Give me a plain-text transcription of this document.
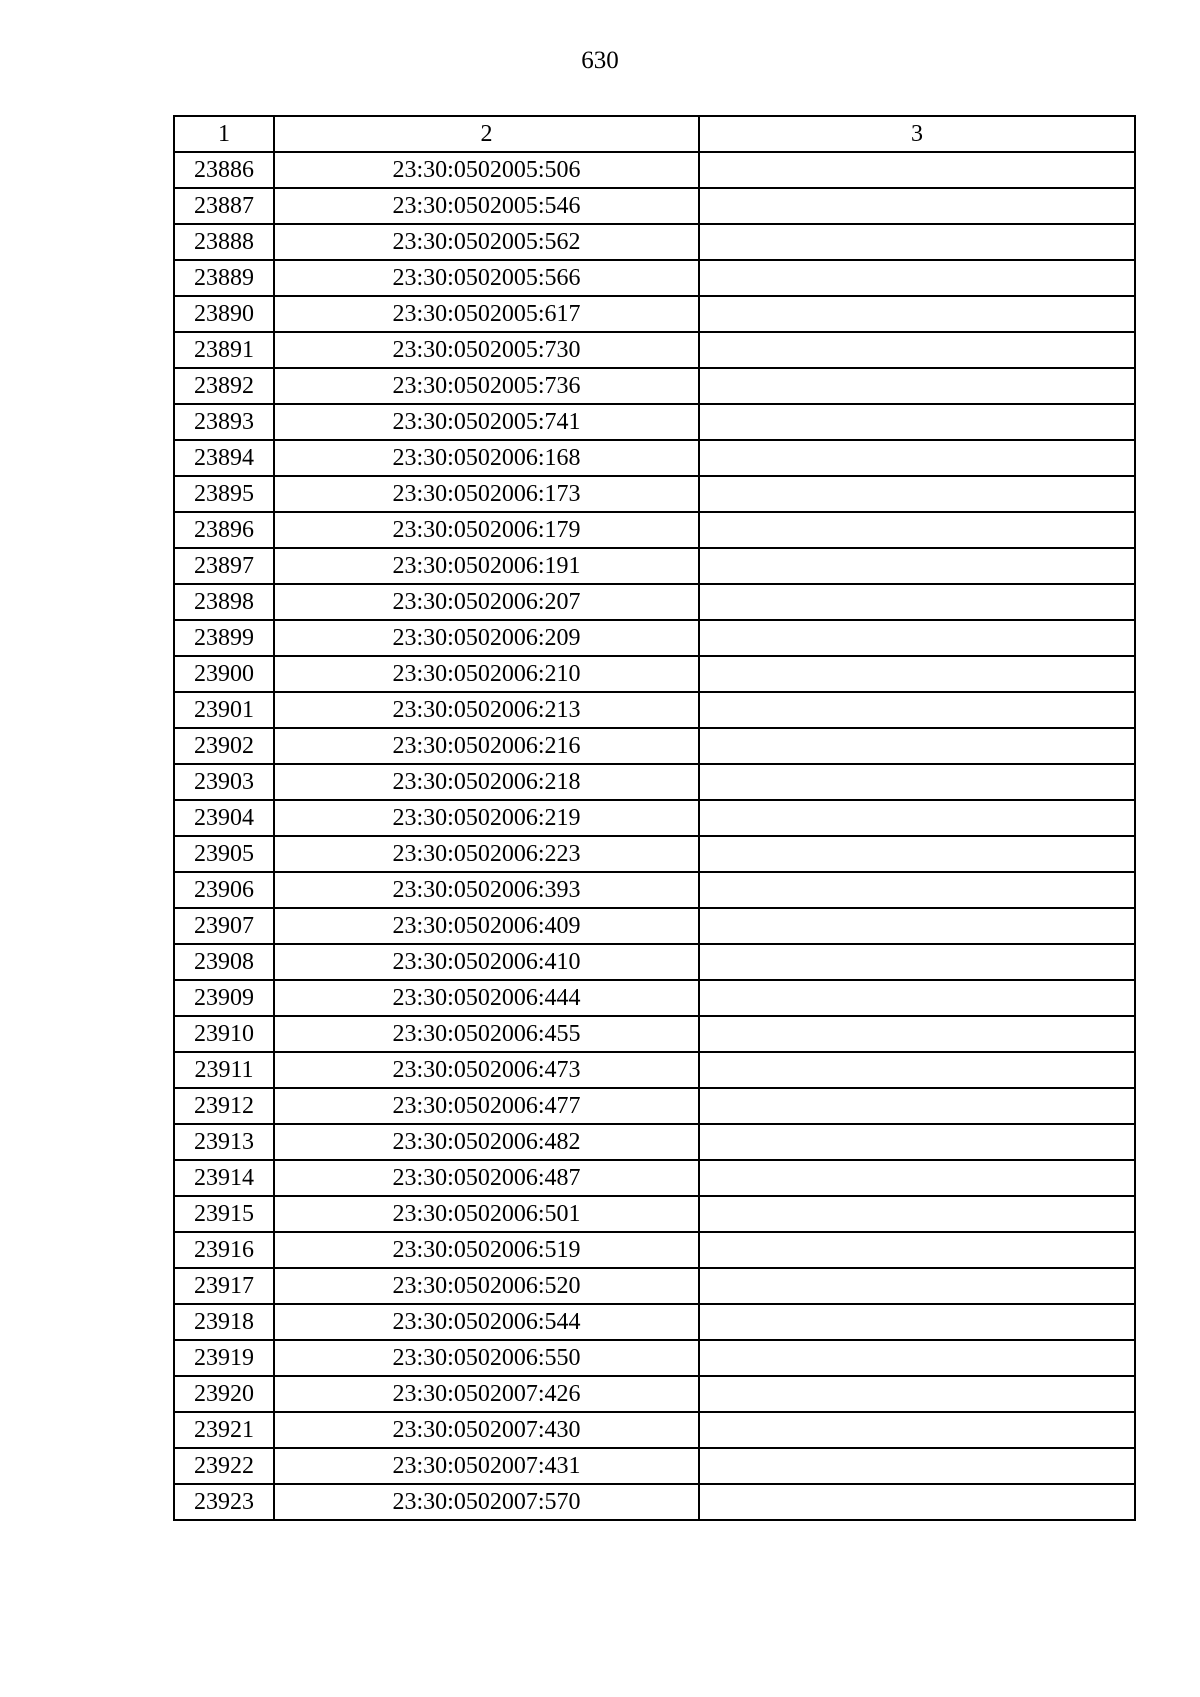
630
1	2	3
23886	23:30:0502005:506	
23887	23:30:0502005:546	
23888	23:30:0502005:562	
23889	23:30:0502005:566	
23890	23:30:0502005:617	
23891	23:30:0502005:730	
23892	23:30:0502005:736	
23893	23:30:0502005:741	
23894	23:30:0502006:168	
23895	23:30:0502006:173	
23896	23:30:0502006:179	
23897	23:30:0502006:191	
23898	23:30:0502006:207	
23899	23:30:0502006:209	
23900	23:30:0502006:210	
23901	23:30:0502006:213	
23902	23:30:0502006:216	
23903	23:30:0502006:218	
23904	23:30:0502006:219	
23905	23:30:0502006:223	
23906	23:30:0502006:393	
23907	23:30:0502006:409	
23908	23:30:0502006:410	
23909	23:30:0502006:444	
23910	23:30:0502006:455	
23911	23:30:0502006:473	
23912	23:30:0502006:477	
23913	23:30:0502006:482	
23914	23:30:0502006:487	
23915	23:30:0502006:501	
23916	23:30:0502006:519	
23917	23:30:0502006:520	
23918	23:30:0502006:544	
23919	23:30:0502006:550	
23920	23:30:0502007:426	
23921	23:30:0502007:430	
23922	23:30:0502007:431	
23923	23:30:0502007:570	
